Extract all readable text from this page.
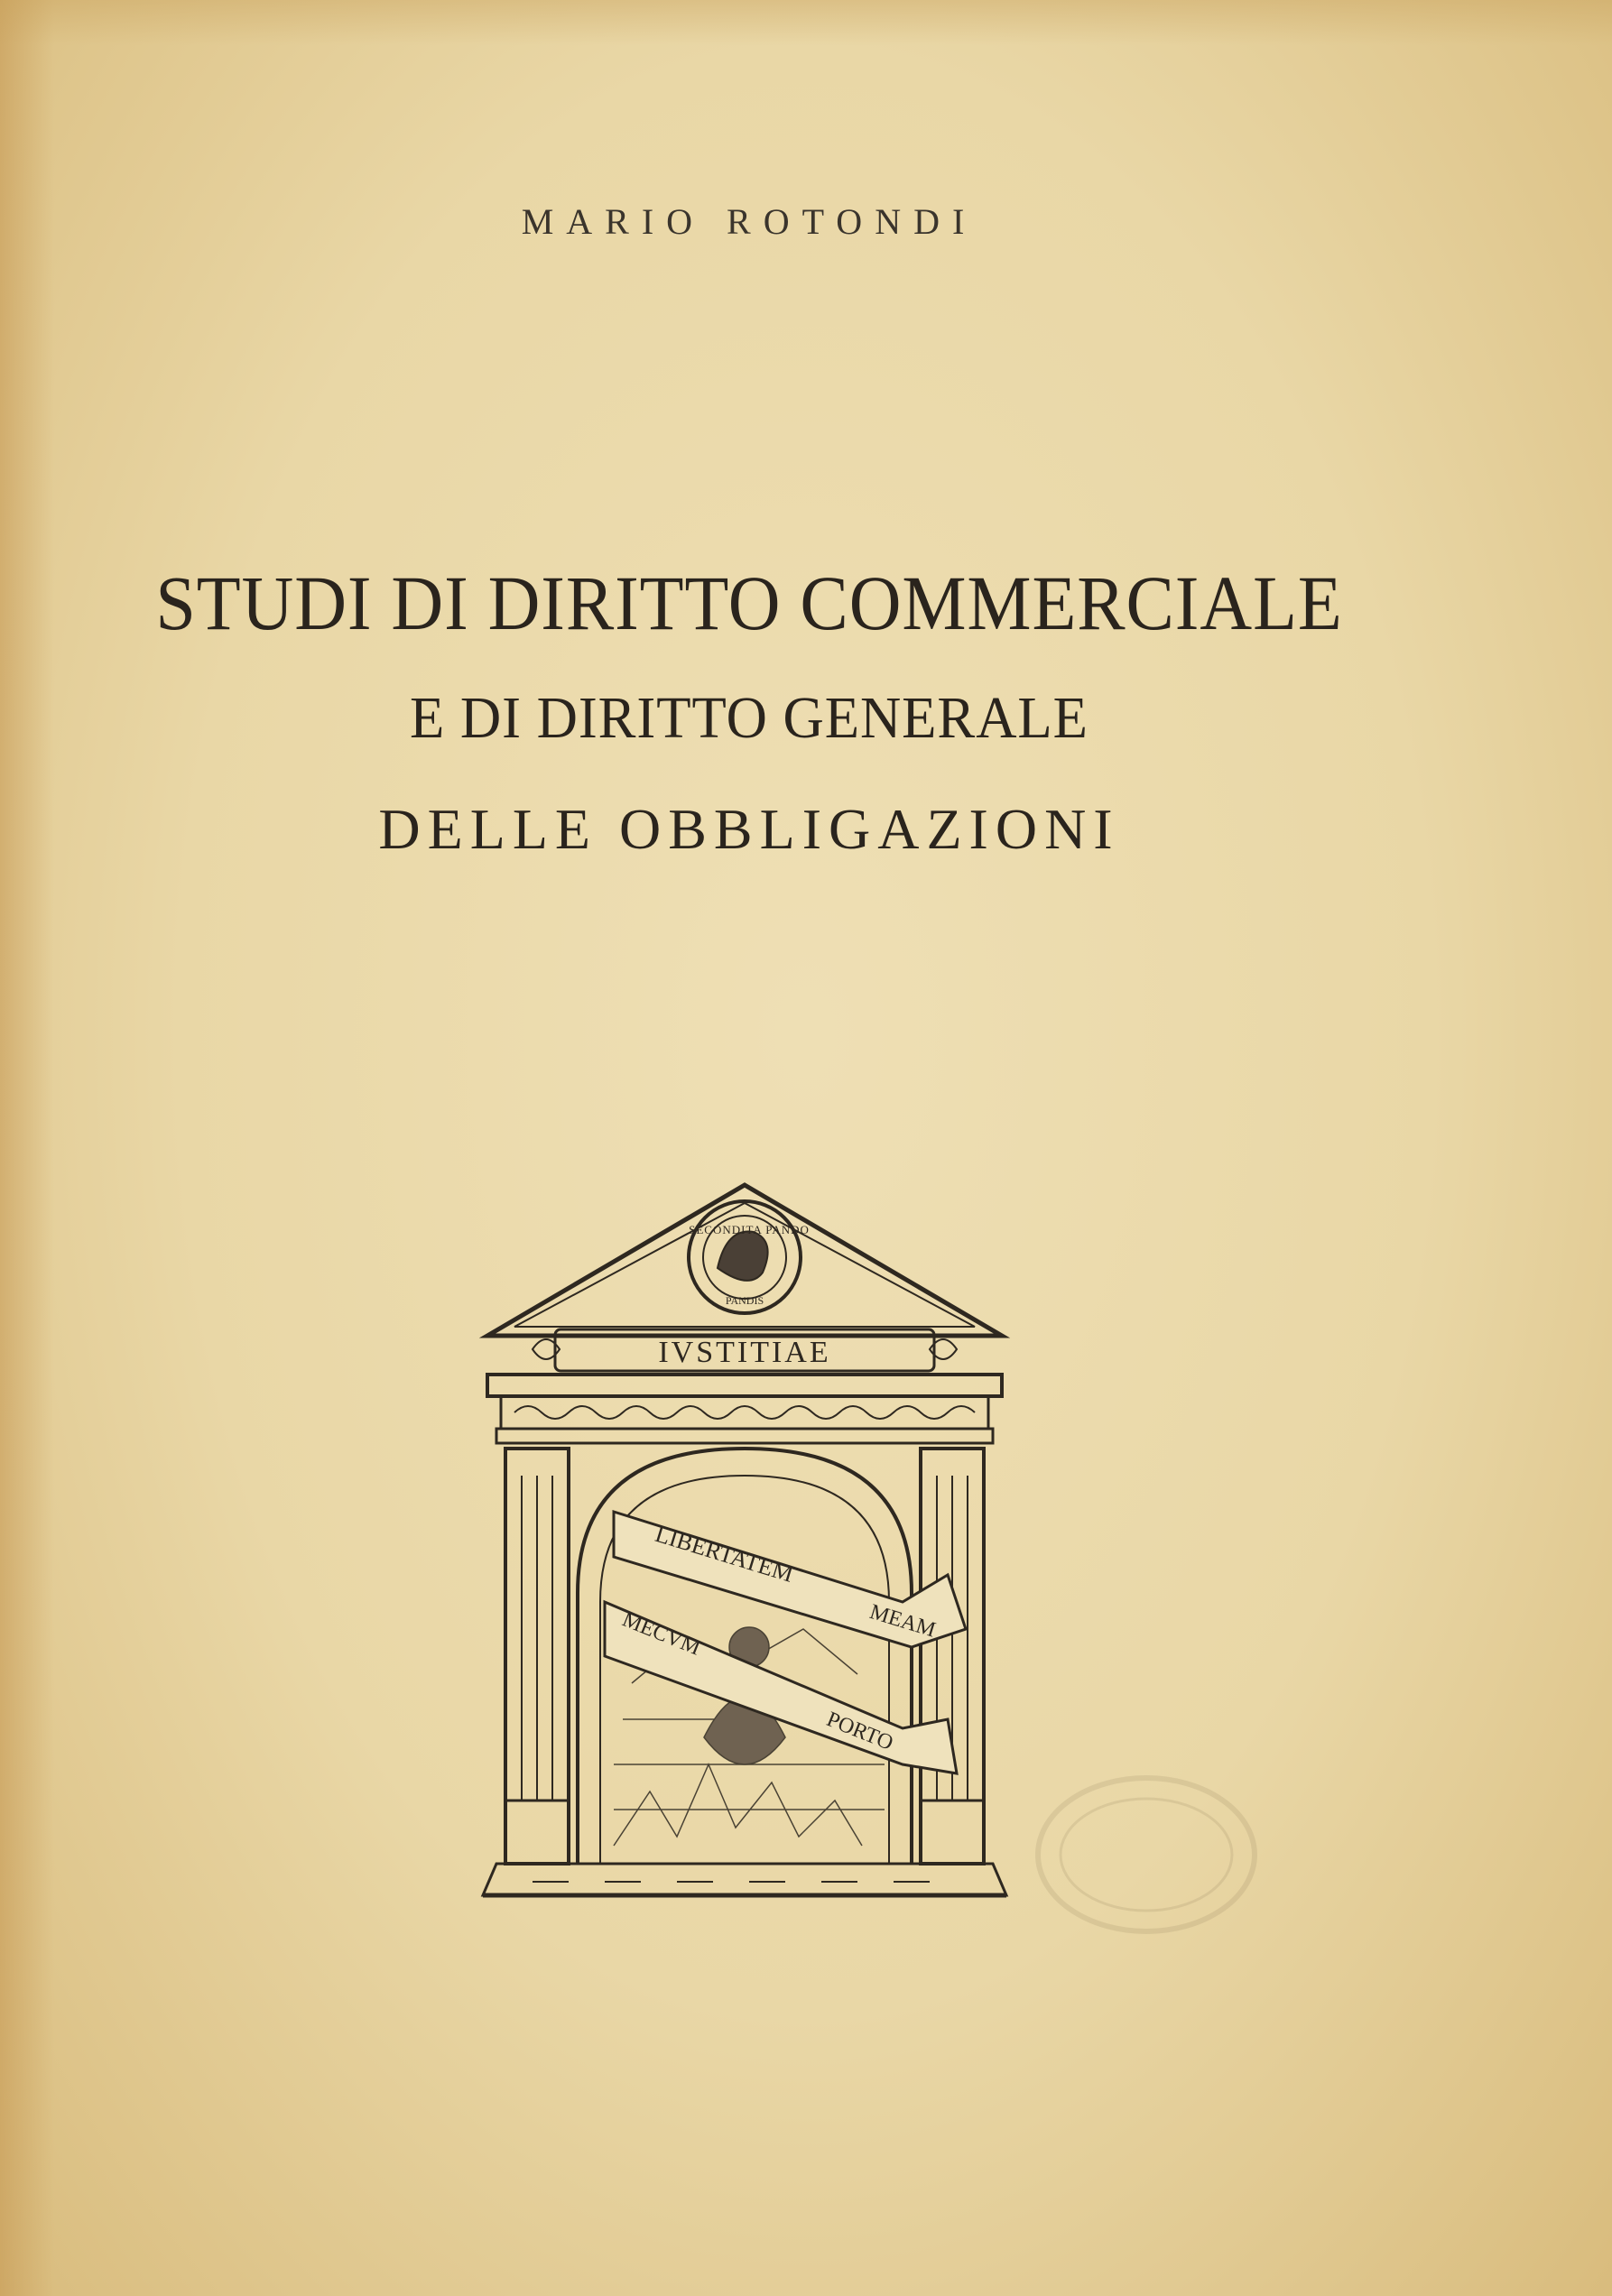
MARIO ROTONDI
STUDI DI DIRITTO COMMERCIALE
E DI DIRITTO GENERALE
DELLE OBBLIGAZIONI
IVSTITIAE
SECONDITA PANDO
PANDIS
LIBERTATEM
MEAM
MECVM
PORTO
